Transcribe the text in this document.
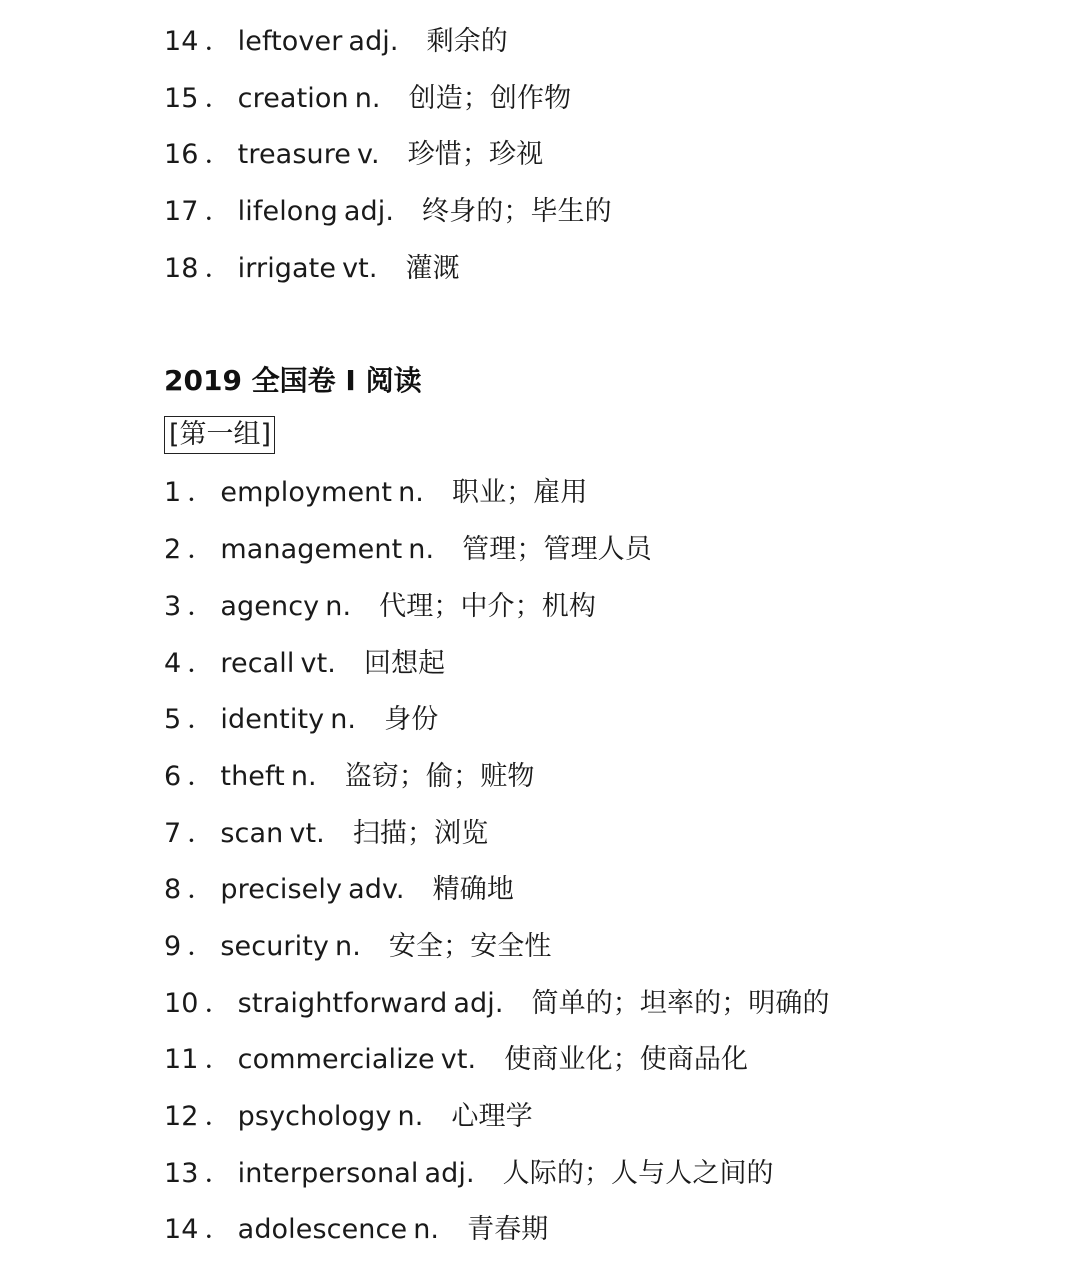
14 ． leftover adj. 剩余的
15 ． creation n. 创造；创作物
16 ． treasure v. 珍惜；珍视
17 ． lifelong adj. 终身的；毕生的
18 ． irrigate vt. 灌溉
2019 全国卷 I 阅读
[第一组]
1 ． employment n. 职业；雇用
2 ． management n. 管理；管理人员
3 ． agency n. 代理；中介；机构
4 ． recall vt. 回想起
5 ． identity n. 身份
6 ． theft n. 盗窃；偷；赃物
7 ． scan vt. 扫描；浏览
8 ． precisely adv. 精确地
9 ． security n. 安全；安全性
10 ． straightforward adj. 简单的；坦率的；明确的
11 ． commercialize vt. 使商业化；使商品化
12 ． psychology n. 心理学
13 ． interpersonal adj. 人际的；人与人之间的
14 ． adolescence n. 青春期
